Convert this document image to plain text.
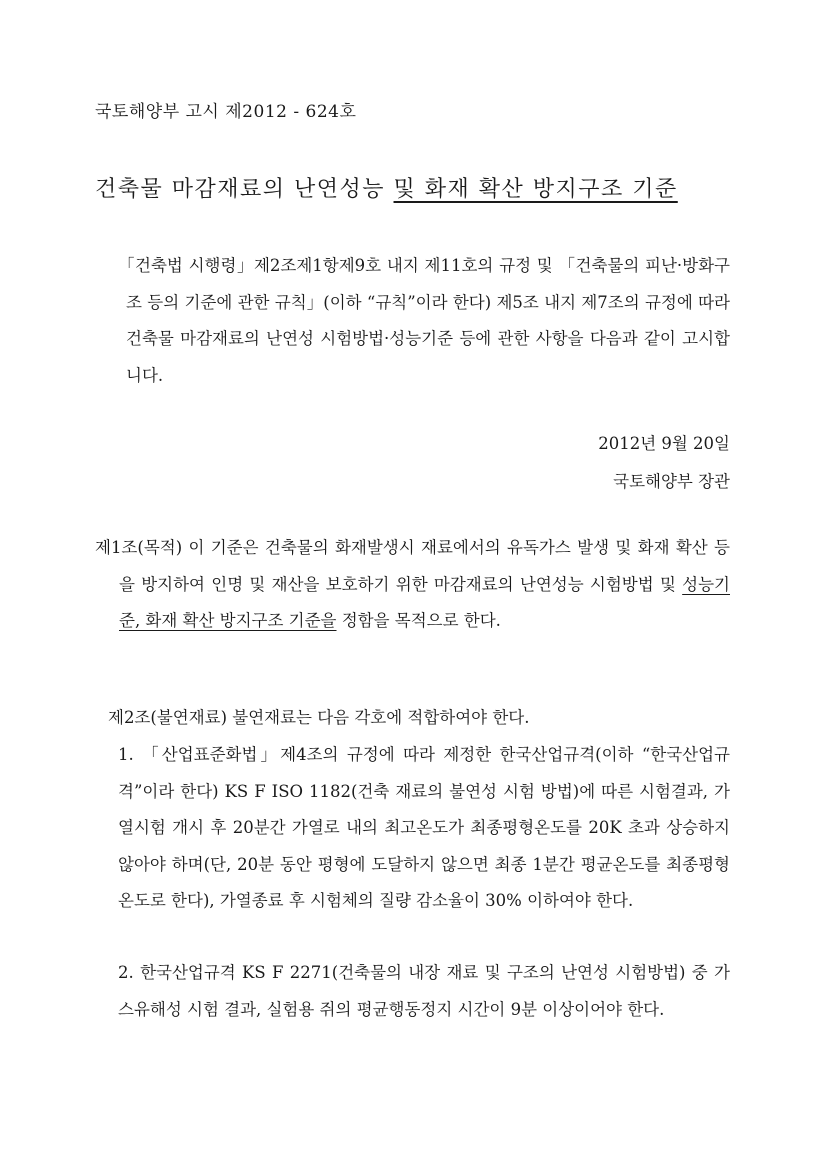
국토해양부 고시 제2012 - 624호
건축물 마감재료의 난연성능 및 화재 확산 방지구조 기준
「건축법 시행령」제2조제1항제9호 내지 제11호의 규정 및 「건축물의 피난·방화구조 등의 기준에 관한 규칙」(이하 “규칙”이라 한다) 제5조 내지 제7조의 규정에 따라 건축물 마감재료의 난연성 시험방법·성능기준 등에 관한 사항을 다음과 같이 고시합니다.
2012년 9월 20일
국토해양부 장관
제1조(목적) 이 기준은 건축물의 화재발생시 재료에서의 유독가스 발생 및 화재 확산 등을 방지하여 인명 및 재산을 보호하기 위한 마감재료의 난연성능 시험방법 및 성능기준, 화재 확산 방지구조 기준을 정함을 목적으로 한다.
제2조(불연재료) 불연재료는 다음 각호에 적합하여야 한다.
1. 「산업표준화법」제4조의 규정에 따라 제정한 한국산업규격(이하 “한국산업규격”이라 한다) KS F ISO 1182(건축 재료의 불연성 시험 방법)에 따른 시험결과, 가열시험 개시 후 20분간 가열로 내의 최고온도가 최종평형온도를 20K 초과 상승하지 않아야 하며(단, 20분 동안 평형에 도달하지 않으면 최종 1분간 평균온도를 최종평형온도로 한다), 가열종료 후 시험체의 질량 감소율이 30% 이하여야 한다.
2. 한국산업규격 KS F 2271(건축물의 내장 재료 및 구조의 난연성 시험방법) 중 가스유해성 시험 결과, 실험용 쥐의 평균행동정지 시간이 9분 이상이어야 한다.
